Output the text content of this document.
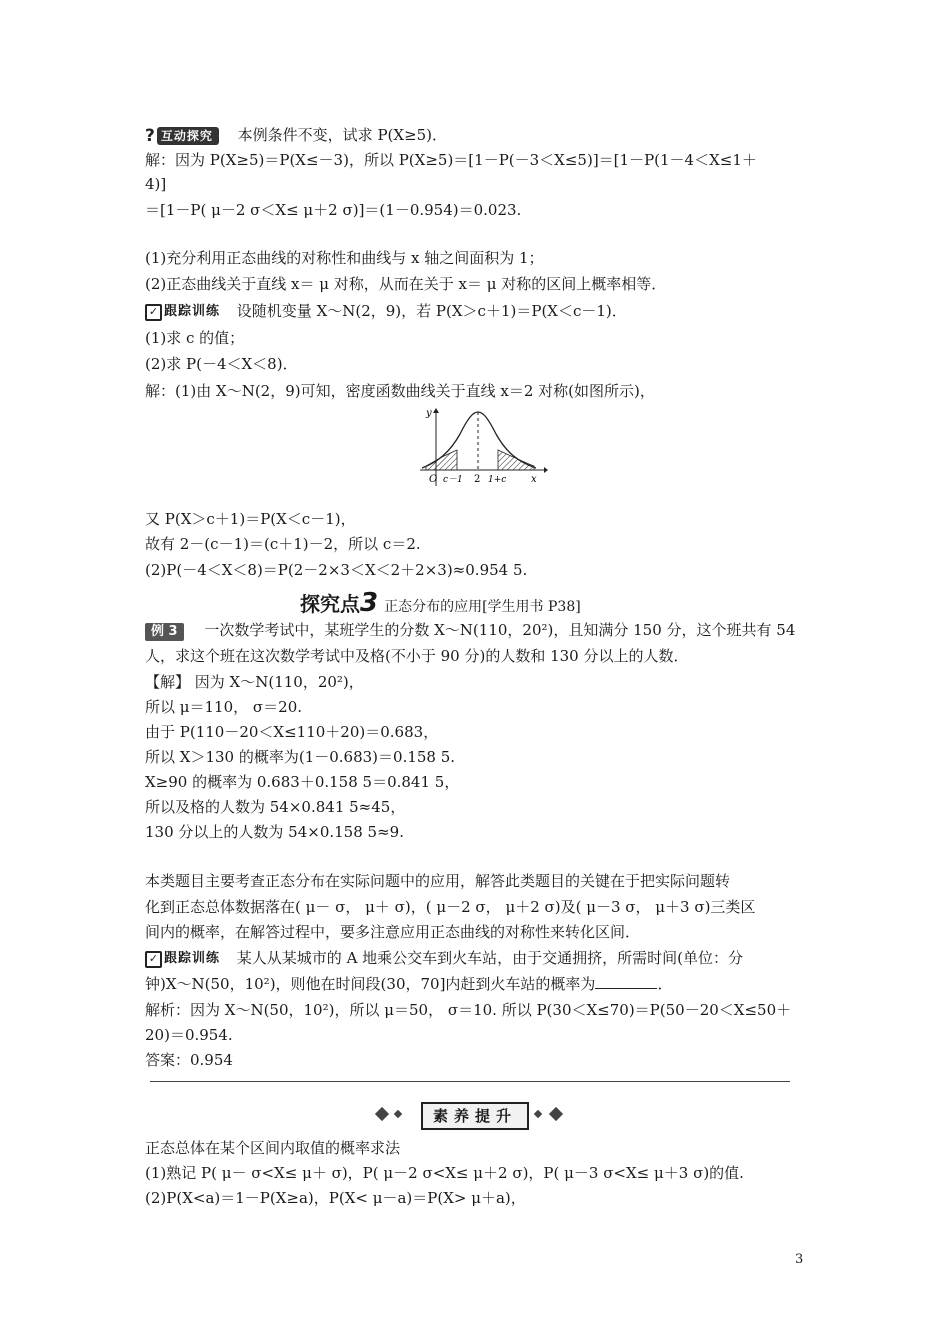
? 互动探究 本例条件不变，试求 P(X≥5)．
解：因为 P(X≥5)＝P(X≤－3)，所以 P(X≥5)＝[1－P(－3＜X≤5)]＝[1－P(1－4＜X≤1＋
4)]
＝[1－P( μ－2 σ＜X≤ μ＋2 σ)]＝(1－0.954)＝0.023.
(1)充分利用正态曲线的对称性和曲线与 x 轴之间面积为 1；
(2)正态曲线关于直线 x＝ μ 对称，从而在关于 x＝ μ 对称的区间上概率相等．
✓ 跟踪训练 设随机变量 X～N(2，9)，若 P(X＞c＋1)＝P(X＜c－1)．
(1)求 c 的值；
(2)求 P(－4＜X＜8)．
解：(1)由 X～N(2，9)可知，密度函数曲线关于直线 x＝2 对称(如图所示)，
y
O c－1 2 1+c x
又 P(X＞c＋1)＝P(X＜c－1)，
故有 2－(c－1)＝(c＋1)－2，所以 c＝2.
(2)P(－4＜X＜8)＝P(2－2×3＜X＜2＋2×3)≈0.954 5.
探究点3 正态分布的应用[学生用书 P38]
例 3 一次数学考试中，某班学生的分数 X～N(110，20²)，且知满分 150 分，这个班共有 54
人，求这个班在这次数学考试中及格(不小于 90 分)的人数和 130 分以上的人数．
【解】 因为 X～N(110，20²)，
所以 μ＝110， σ＝20.
由于 P(110－20＜X≤110＋20)＝0.683，
所以 X＞130 的概率为(1－0.683)＝0.158 5.
X≥90 的概率为 0.683＋0.158 5＝0.841 5，
所以及格的人数为 54×0.841 5≈45，
130 分以上的人数为 54×0.158 5≈9.
本类题目主要考查正态分布在实际问题中的应用，解答此类题目的关键在于把实际问题转
化到正态总体数据落在( μ－ σ， μ＋ σ)，( μ－2 σ， μ＋2 σ)及( μ－3 σ， μ＋3 σ)三类区
间内的概率，在解答过程中，要多注意应用正态曲线的对称性来转化区间．
✓ 跟踪训练 某人从某城市的 A 地乘公交车到火车站，由于交通拥挤，所需时间(单位：分
钟)X～N(50，10²)，则他在时间段(30，70]内赶到火车站的概率为	．
解析：因为 X～N(50，10²)，所以 μ＝50， σ＝10. 所以 P(30＜X≤70)＝P(50－20＜X≤50＋
20)＝0.954.
答案：0.954
素养提升
正态总体在某个区间内取值的概率求法
(1)熟记 P( μ－ σ<X≤ μ＋ σ)，P( μ－2 σ<X≤ μ＋2 σ)，P( μ－3 σ<X≤ μ＋3 σ)的值.
(2)P(X<a)＝1－P(X≥a)，P(X< μ－a)＝P(X> μ＋a)，
3
